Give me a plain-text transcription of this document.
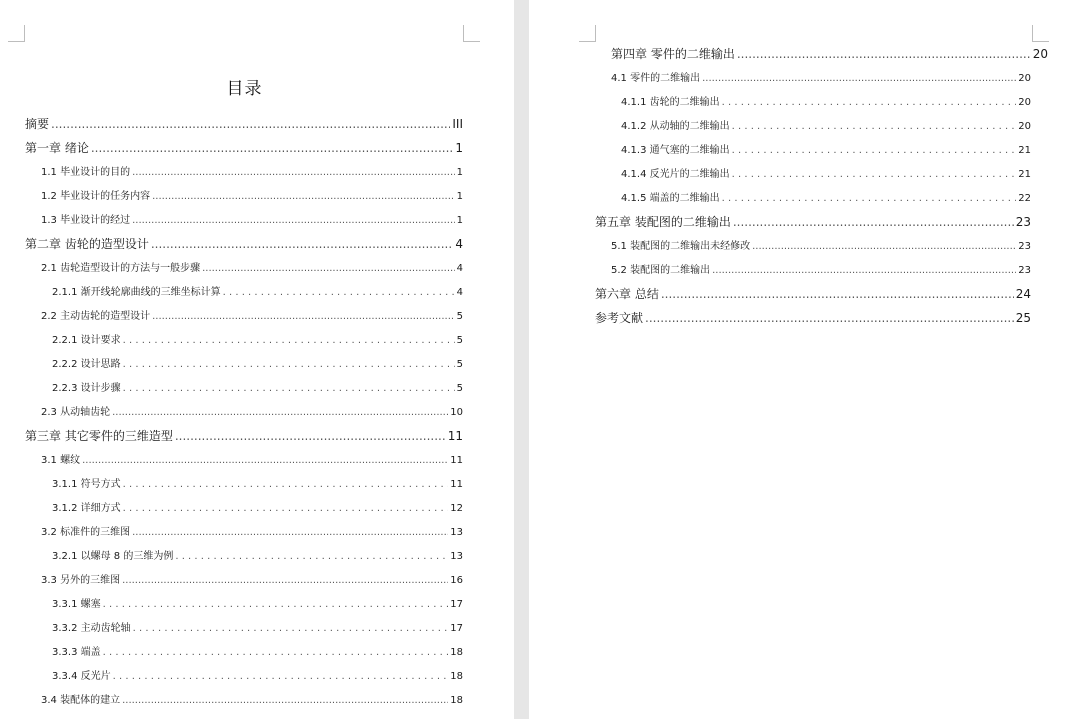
目录
摘要 .....	III
第一章 绪论 .....	1
1.1 毕业设计的目的 .....	1
1.2 毕业设计的任务内容 .....	1
1.3 毕业设计的经过 .....	1
第二章 齿轮的造型设计 .....	4
2.1 齿轮造型设计的方法与一般步骤 .....	4
2.1.1 渐开线轮廓曲线的三维坐标计算 . . .	4
2.2 主动齿轮的造型设计 .....	5
2.2.1 设计要求 . . .	5
2.2.2 设计思路 . . .	5
2.2.3 设计步骤 . . .	5
2.3 从动轴齿轮 .....	10
第三章 其它零件的三维造型 .....	11
3.1 螺纹 .....	11
3.1.1 符号方式 . . .	11
3.1.2 详细方式 . . .	12
3.2 标准件的三维图 .....	13
3.2.1 以螺母 8 的三维为例 . . .	13
3.3 另外的三维图 .....	16
3.3.1 螺塞 . . .	17
3.3.2 主动齿轮轴 . . .	17
3.3.3 端盖 . . .	18
3.3.4 反光片 . . .	18
3.4 装配体的建立 .....	18
第四章 零件的二维输出 .....	20
4.1 零件的二维输出 .....	20
4.1.1 齿轮的二维输出 . . .	20
4.1.2 从动轴的二维输出 . . .	20
4.1.3 通气塞的二维输出 . . .	21
4.1.4 反光片的二维输出 . . .	21
4.1.5 端盖的二维输出 . . .	22
第五章 装配图的二维输出 .....	23
5.1 装配图的二维输出未经修改 .....	23
5.2 装配图的二维输出 .....	23
第六章 总结 .....	24
参考文献 .....	25
